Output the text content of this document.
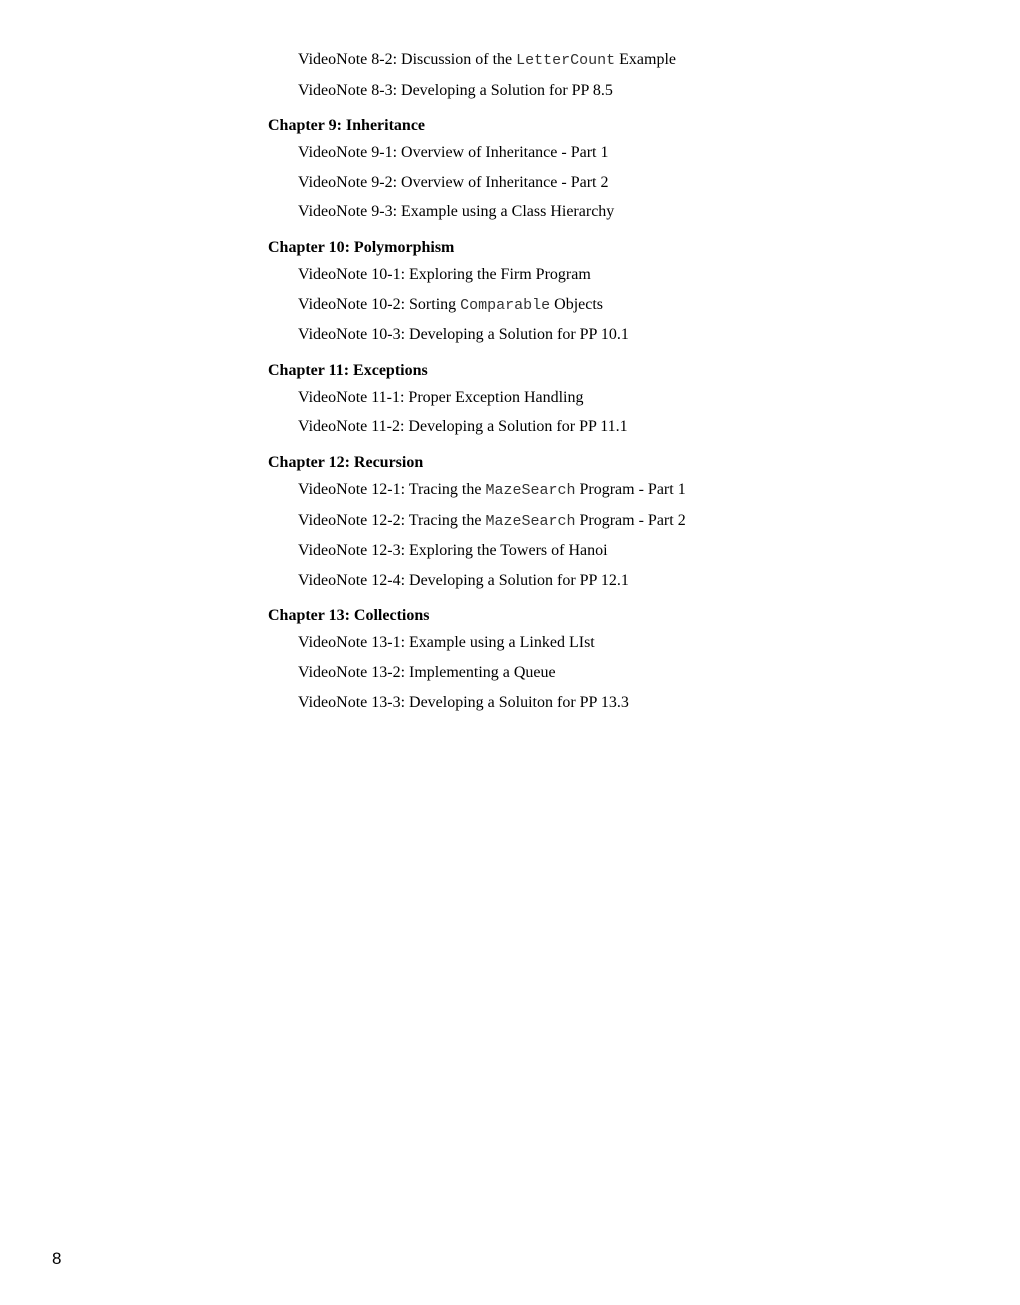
VideoNote 8-2: Discussion of the LetterCount Example
VideoNote 8-3: Developing a Solution for PP 8.5
Chapter 9: Inheritance
VideoNote 9-1: Overview of Inheritance - Part 1
VideoNote 9-2: Overview of Inheritance - Part 2
VideoNote 9-3: Example using a Class Hierarchy
Chapter 10: Polymorphism
VideoNote 10-1: Exploring the Firm Program
VideoNote 10-2: Sorting Comparable Objects
VideoNote 10-3: Developing a Solution for PP 10.1
Chapter 11: Exceptions
VideoNote 11-1: Proper Exception Handling
VideoNote 11-2: Developing a Solution for PP 11.1
Chapter 12: Recursion
VideoNote 12-1: Tracing the MazeSearch Program - Part 1
VideoNote 12-2: Tracing the MazeSearch Program - Part 2
VideoNote 12-3: Exploring the Towers of Hanoi
VideoNote 12-4: Developing a Solution for PP 12.1
Chapter 13: Collections
VideoNote 13-1: Example using a Linked LIst
VideoNote 13-2: Implementing a Queue
VideoNote 13-3: Developing a Soluiton for PP 13.3
8
